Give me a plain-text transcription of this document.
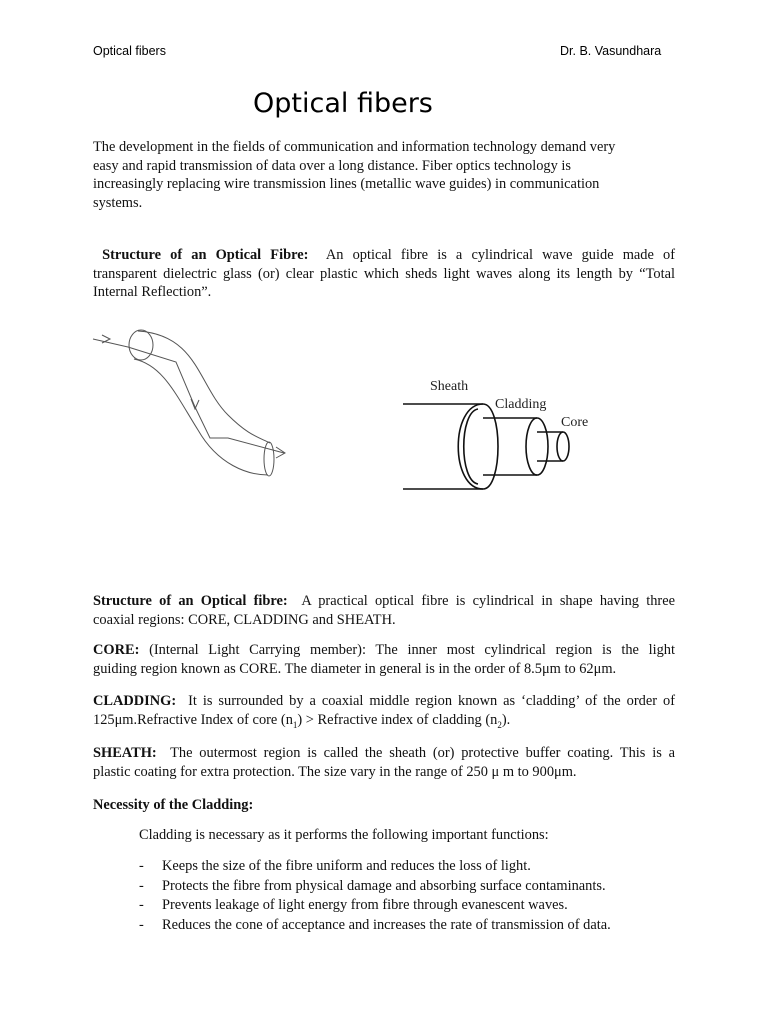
Optical fibers	Dr. B. Vasundhara
Optical fibers

The development in the fields of communication and information technology demand very
easy and rapid transmission of data over a long distance. Fiber optics technology is
increasingly replacing wire transmission lines (metallic wave guides) in communication
systems.

Structure of an Optical Fibre: An optical fibre is a cylindrical wave guide made of
transparent dielectric glass (or) clear plastic which sheds light waves along its length by “Total
Internal Reflection”.

Sheath
Cladding
Core

Structure of an Optical fibre: A practical optical fibre is cylindrical in shape having three
coaxial regions: CORE, CLADDING and SHEATH.

CORE: (Internal Light Carrying member): The inner most cylindrical region is the light
guiding region known as CORE. The diameter in general is in the order of 8.5μm to 62μm.

CLADDING: It is surrounded by a coaxial middle region known as ‘cladding’ of the order of
125μm.Refractive Index of core $(n_1)$ > Refractive index of cladding $(n_2)$.

SHEATH: The outermost region is called the sheath (or) protective buffer coating. This is a
plastic coating for extra protection. The size vary in the range of 250 μ m to 900μm.

Necessity of the Cladding:

Cladding is necessary as it performs the following important functions:

- Keeps the size of the fibre uniform and reduces the loss of light.
- Protects the fibre from physical damage and absorbing surface contaminants.
- Prevents leakage of light energy from fibre through evanescent waves.
- Reduces the cone of acceptance and increases the rate of transmission of data.
